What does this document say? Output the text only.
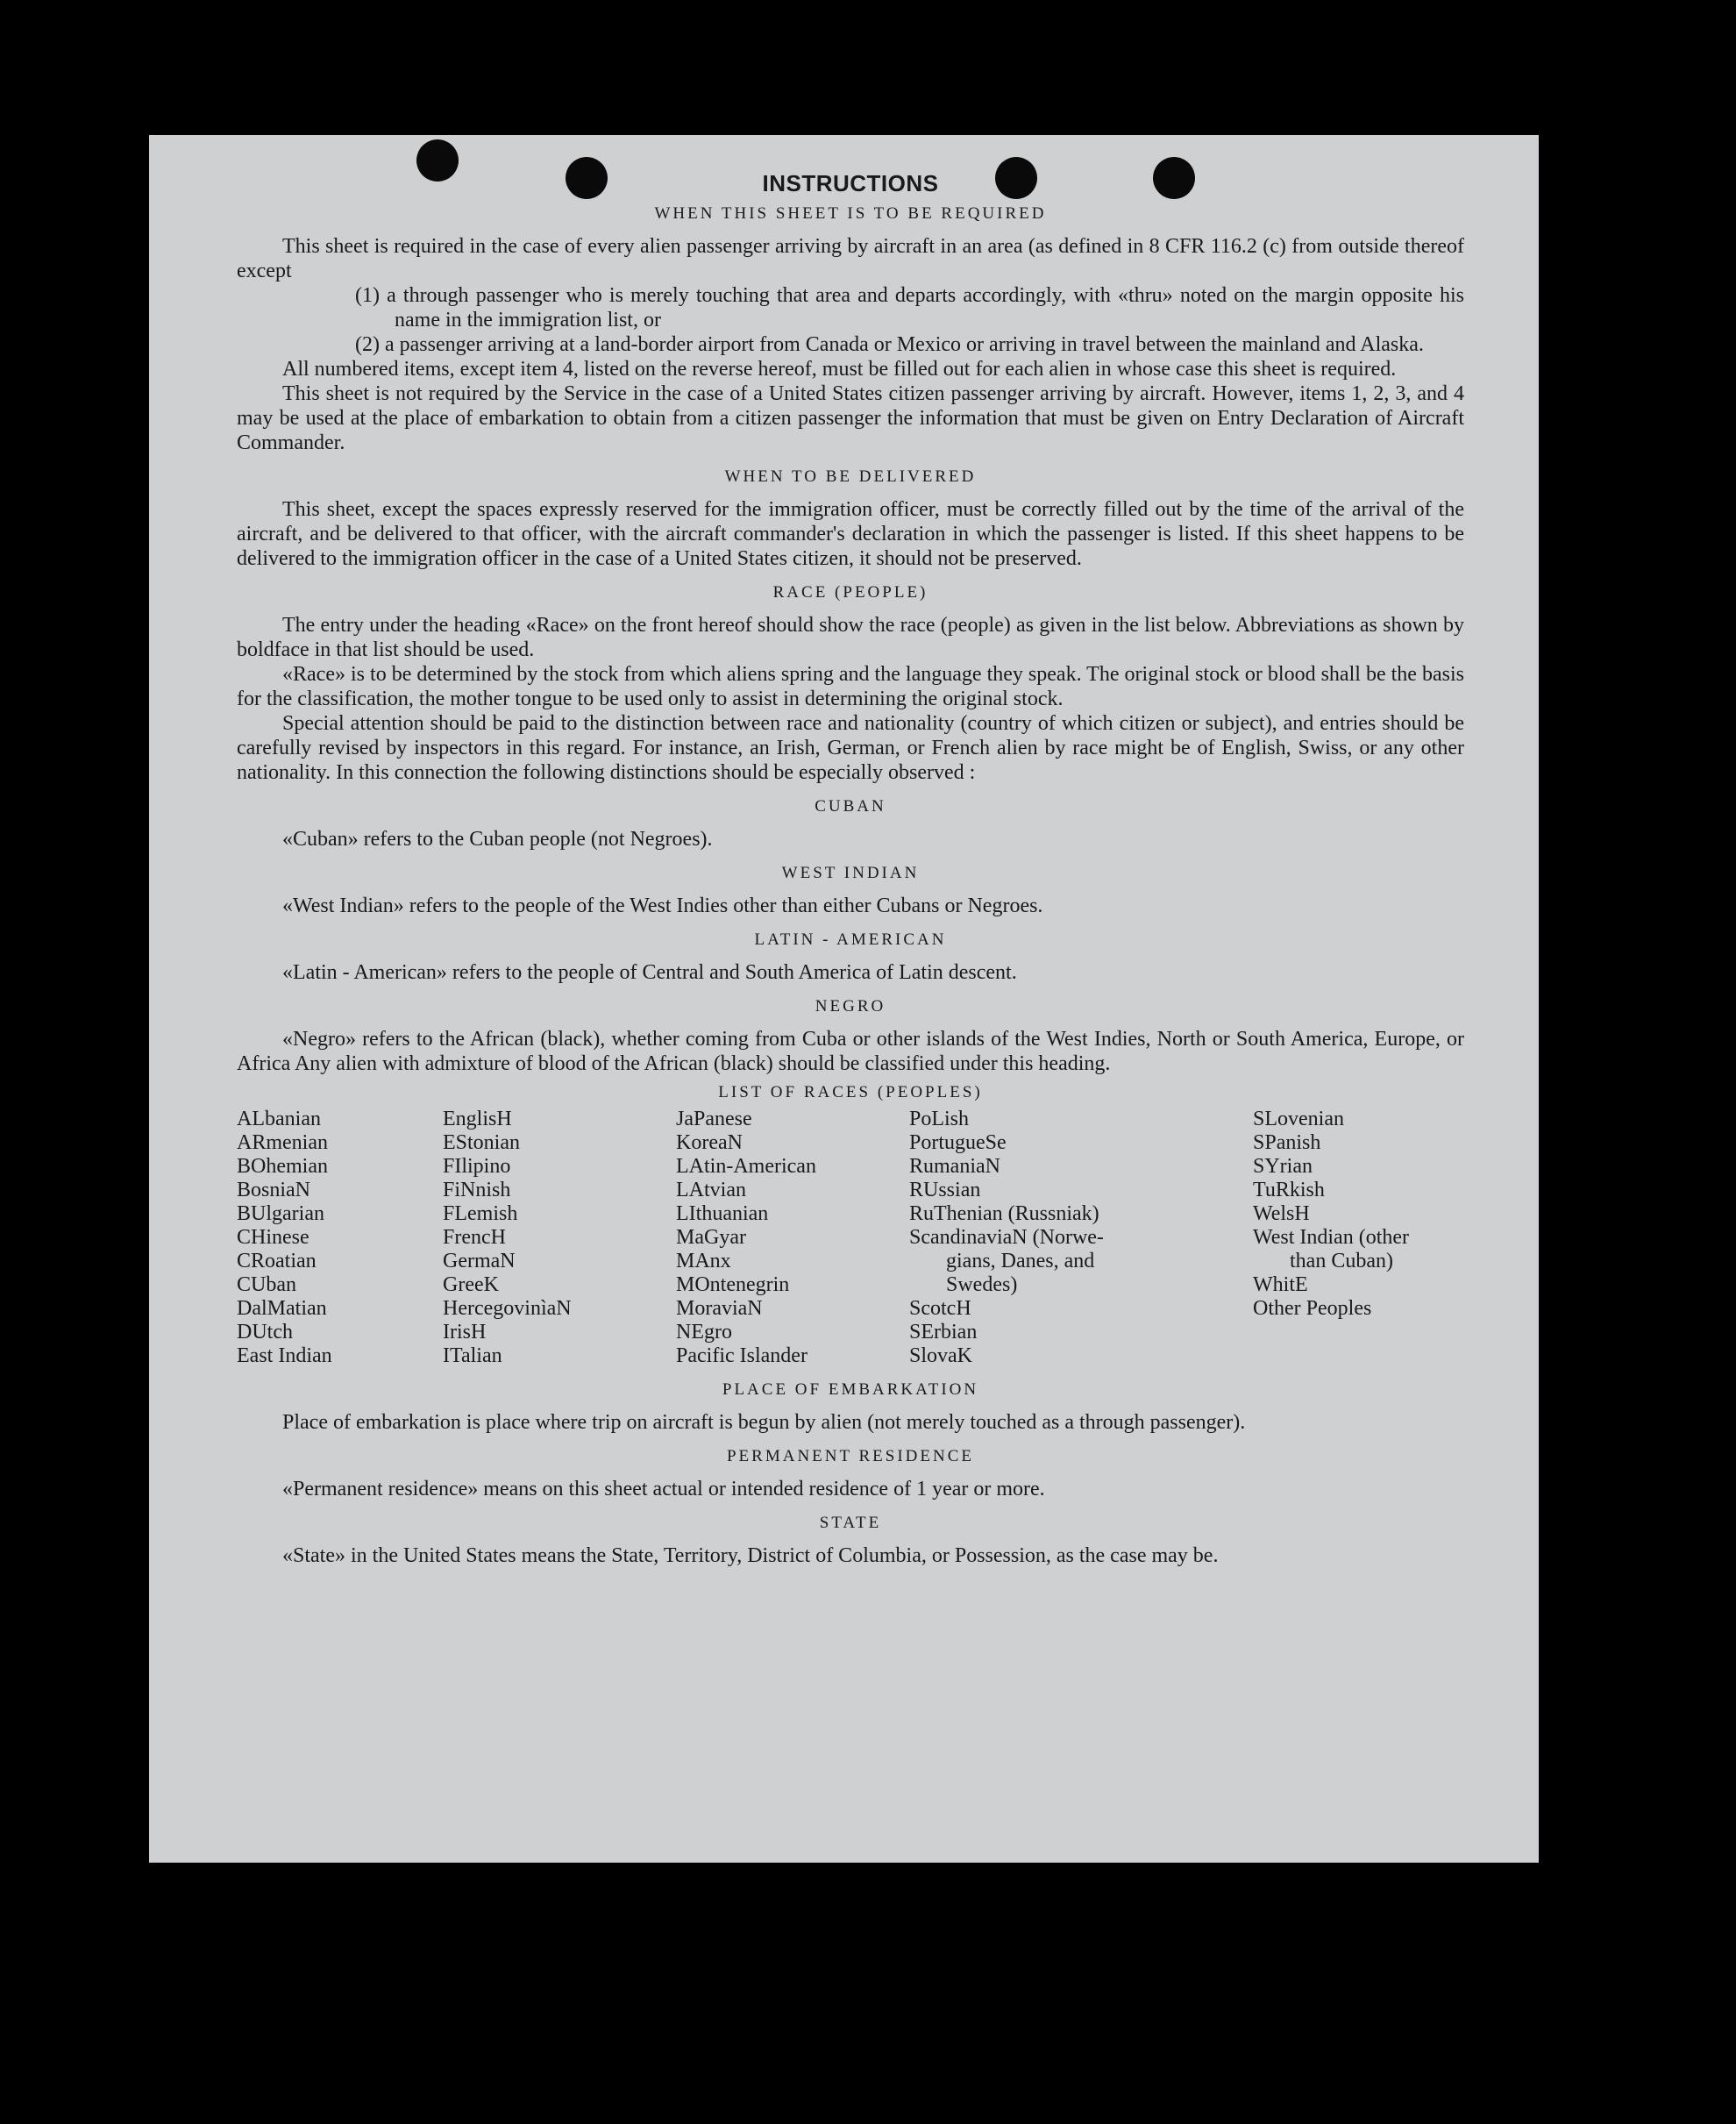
INSTRUCTIONS
WHEN THIS SHEET IS TO BE REQUIRED

This sheet is required in the case of every alien passenger arriving by aircraft in an area (as defined in 8 CFR 116.2 (c) from outside thereof except

(1) a through passenger who is merely touching that area and departs accordingly, with «thru» noted on the margin opposite his name in the immigration list, or
(2) a passenger arriving at a land-border airport from Canada or Mexico or arriving in travel between the mainland and Alaska.

All numbered items, except item 4, listed on the reverse hereof, must be filled out for each alien in whose case this sheet is required.

This sheet is not required by the Service in the case of a United States citizen passenger arriving by aircraft. However, items 1, 2, 3, and 4 may be used at the place of embarkation to obtain from a citizen passenger the information that must be given on Entry Declaration of Aircraft Commander.

WHEN TO BE DELIVERED

This sheet, except the spaces expressly reserved for the immigration officer, must be correctly filled out by the time of the arrival of the aircraft, and be delivered to that officer, with the aircraft commander's declaration in which the passenger is listed. If this sheet happens to be delivered to the immigration officer in the case of a United States citizen, it should not be preserved.

RACE (PEOPLE)

The entry under the heading «Race» on the front hereof should show the race (people) as given in the list below. Abbreviations as shown by boldface in that list should be used.

«Race» is to be determined by the stock from which aliens spring and the language they speak. The original stock or blood shall be the basis for the classification, the mother tongue to be used only to assist in determining the original stock.

Special attention should be paid to the distinction between race and nationality (country of which citizen or subject), and entries should be carefully revised by inspectors in this regard. For instance, an Irish, German, or French alien by race might be of English, Swiss, or any other nationality. In this connection the following distinctions should be especially observed :

CUBAN

«Cuban» refers to the Cuban people (not Negroes).

WEST INDIAN

«West Indian» refers to the people of the West Indies other than either Cubans or Negroes.

LATIN - AMERICAN

«Latin - American» refers to the people of Central and South America of Latin descent.

NEGRO

«Negro» refers to the African (black), whether coming from Cuba or other islands of the West Indies, North or South America, Europe, or Africa Any alien with admixture of blood of the African (black) should be classified under this heading.

LIST OF RACES (PEOPLES)
ALbanian
ARmenian
BOhemian
BosniaN
BUlgarian
CHinese
CRoatian
CUban
DalMatian
DUtch
East Indian
EnglisH
EStonian
FIlipino
FiNnish
FLemish
FrencH
GermaN
GreeK
HercegovinìaN
IrisH
ITalian
JaPanese
KoreaN
LAtin-American
LAtvian
LIthuanian
MaGyar
MAnx
MOntenegrin
MoraviaN
NEgro
Pacific Islander
PoLish
PortugueSe
RumaniaN
RUssian
RuThenian (Russniak)
ScandinaviaN (Norwe-
gians, Danes, and
Swedes)
ScotcH
SErbian
SlovaK
SLovenian
SPanish
SYrian
TuRkish
WelsH
West Indian (other
than Cuban)
WhitE
Other Peoples
PLACE OF EMBARKATION

Place of embarkation is place where trip on aircraft is begun by alien (not merely touched as a through passenger).

PERMANENT RESIDENCE

«Permanent residence» means on this sheet actual or intended residence of 1 year or more.

STATE

«State» in the United States means the State, Territory, District of Columbia, or Possession, as the case may be.
